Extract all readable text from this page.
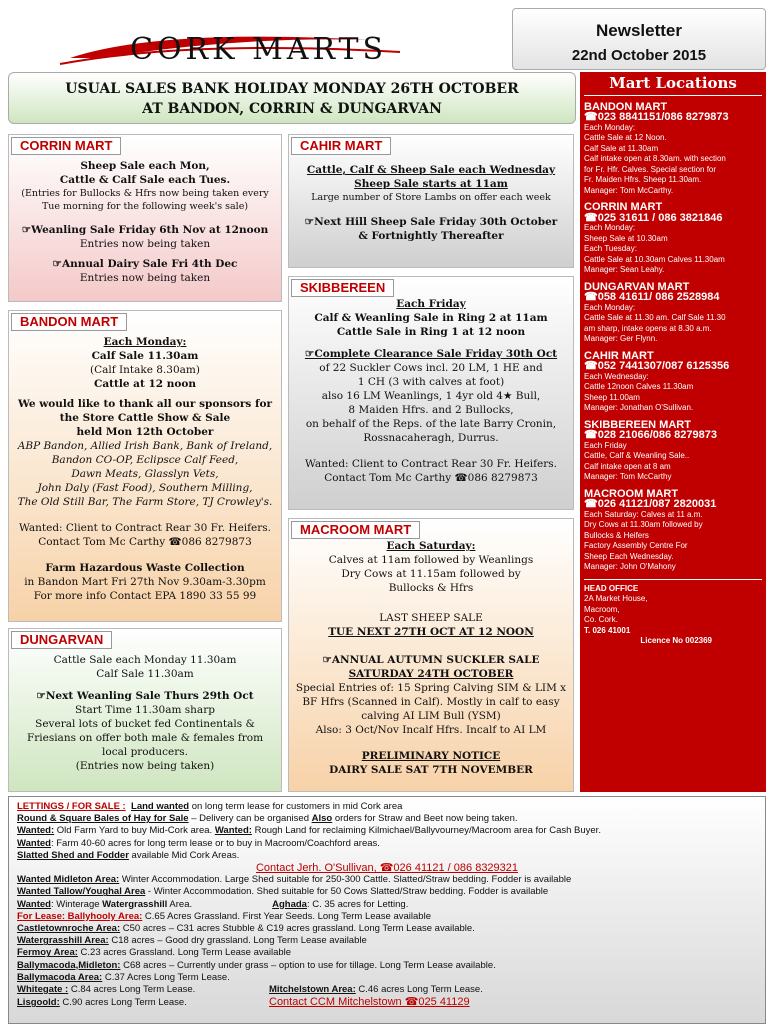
CORK MARTS
Newsletter
22nd October 2015
USUAL SALES BANK HOLIDAY MONDAY 26TH OCTOBER
AT BANDON, CORRIN & DUNGARVAN
CORRIN MART
Sheep Sale each Mon,
Cattle & Calf Sale each Tues.
(Entries for Bullocks & Hfrs now being taken every Tue morning for the following week's sale)
☞Weanling Sale Friday 6th Nov at 12noon
Entries now being taken
☞Annual Dairy Sale Fri 4th Dec
Entries now being taken
CAHIR MART
Cattle, Calf & Sheep Sale each Wednesday
Sheep Sale starts at 11am
Large number of Store Lambs on offer each week
☞Next Hill Sheep Sale Friday 30th October
& Fortnightly Thereafter
BANDON MART
Each Monday:
Calf Sale 11.30am
(Calf Intake 8.30am)
Cattle at 12 noon
We would like to thank all our sponsors for the Store Cattle Show & Sale
held Mon 12th October
ABP Bandon, Allied Irish Bank, Bank of Ireland,
Bandon CO-OP, Eclipsce Calf Feed,
Dawn Meats, Glasslyn Vets,
John Daly (Fast Food), Southern Milling,
The Old Still Bar, The Farm Store, TJ Crowley's.
Wanted: Client to Contract Rear 30 Fr. Heifers.
Contact Tom Mc Carthy ☎086 8279873
Farm Hazardous Waste Collection
in Bandon Mart Fri 27th Nov 9.30am-3.30pm
For more info Contact EPA 1890 33 55 99
SKIBBEREEN
Each Friday
Calf & Weanling Sale in Ring 2 at 11am
Cattle Sale in Ring 1 at 12 noon
☞Complete Clearance Sale Friday 30th Oct
of 22 Suckler Cows incl. 20 LM, 1 HE and
1 CH (3 with calves at foot)
also 16 LM Weanlings, 1 4yr old 4★ Bull,
8 Maiden Hfrs. and 2 Bullocks,
on behalf of the Reps. of the late Barry Cronin,
Rossnacaheragh, Durrus.
Wanted: Client to Contract Rear 30 Fr. Heifers.
Contact Tom Mc Carthy ☎086 8279873
MACROOM MART
Each Saturday:
Calves at 11am followed by Weanlings
Dry Cows at 11.15am followed by
Bullocks & Hfrs
LAST SHEEP SALE
TUE NEXT 27TH OCT AT 12 NOON
☞ANNUAL AUTUMN SUCKLER SALE
SATURDAY 24TH OCTOBER
Special Entries of: 15 Spring Calving SIM & LIM x BF Hfrs (Scanned in Calf). Mostly in calf to easy calving AI LIM Bull (YSM)
Also: 3 Oct/Nov Incalf Hfrs. Incalf to AI LM
PRELIMINARY NOTICE
DAIRY SALE SAT 7TH NOVEMBER
DUNGARVAN
Cattle Sale each Monday 11.30am
Calf Sale 11.30am
☞Next Weanling Sale Thurs 29th Oct
Start Time 11.30am sharp
Several lots of bucket fed Continentals & Friesians on offer both male & females from local producers.
(Entries now being taken)
Mart Locations
BANDON MART
☎023 8841151/086 8279873
Each Monday:
Cattle Sale at 12 Noon.
Calf Sale at 11.30am
Calf intake open at 8.30am. with section
for Fr. Hfr. Calves. Special section for
Fr. Maiden Hfrs. Sheep 11.30am.
Manager: Tom McCarthy.
CORRIN MART
☎025 31611 / 086 3821846
Each Monday:
Sheep Sale at 10.30am
Each Tuesday:
Cattle Sale at 10.30am Calves 11.30am
Manager: Sean Leahy.
DUNGARVAN MART
☎058 41611/ 086 2528984
Each Monday:
Cattle Sale at 11.30 am. Calf Sale 11.30
am sharp, intake opens at 8.30 a.m.
Manager: Ger Flynn.
CAHIR MART
☎052 7441307/087 6125356
Each Wednesday:
Cattle 12noon Calves 11.30am
Sheep 11.00am
Manager: Jonathan O'Sullivan.
SKIBBEREEN MART
☎028 21066/086 8279873
Each Friday
Cattle, Calf & Weanling Sale..
Calf intake open at 8 am
Manager: Tom McCarthy
MACROOM MART
☎026 41121/087 2820031
Each Saturday: Calves at 11 a.m.
Dry Cows at 11.30am followed by
Bullocks & Heifers
Factory Assembly Centre For
Sheep Each Wednesday.
Manager: John O'Mahony
HEAD OFFICE
2A Market House,
Macroom,
Co. Cork.
T. 026 41001
Licence No 002369
LETTINGS / FOR SALE : Land wanted on long term lease for customers in mid Cork area
Round & Square Bales of Hay for Sale – Delivery can be organised Also orders for Straw and Beet now being taken.
Wanted: Old Farm Yard to buy Mid-Cork area. Wanted: Rough Land for reclaiming Kilmichael/Ballyvourney/Macroom area for Cash Buyer.
Wanted: Farm 40-60 acres for long term lease or to buy in Macroom/Coachford areas.
Slatted Shed and Fodder available Mid Cork Areas.
Contact Jerh. O'Sullivan, ☎026 41121 / 086 8329321
Wanted Midleton Area: Winter Accommodation. Large Shed suitable for 250-300 Cattle. Slatted/Straw bedding. Fodder is available
Wanted Tallow/Youghal Area - Winter Accommodation. Shed suitable for 50 Cows Slatted/Straw bedding. Fodder is available
Wanted: Winterage Watergrasshill Area.	Aghada: C. 35 acres for Letting.
For Lease: Ballyhooly Area: C.65 Acres Grassland. First Year Seeds. Long Term Lease available
Castletownroche Area: C50 acres – C31 acres Stubble & C19 acres grassland. Long Term Lease available.
Watergrasshill Area: C18 acres – Good dry grassland. Long Term Lease available
Fermoy Area: C.23 acres Grassland. Long Term Lease available
Ballymacoda,Midleton: C68 acres – Currently under grass – option to use for tillage. Long Term Lease available.
Ballymacoda Area: C.37 Acres Long Term Lease.
Whitegate : C.84 acres Long Term Lease.	Mitchelstown Area: C.46 acres Long Term Lease.
Lisgoold: C.90 acres Long Term Lease.	Contact CCM Mitchelstown ☎025 41129
